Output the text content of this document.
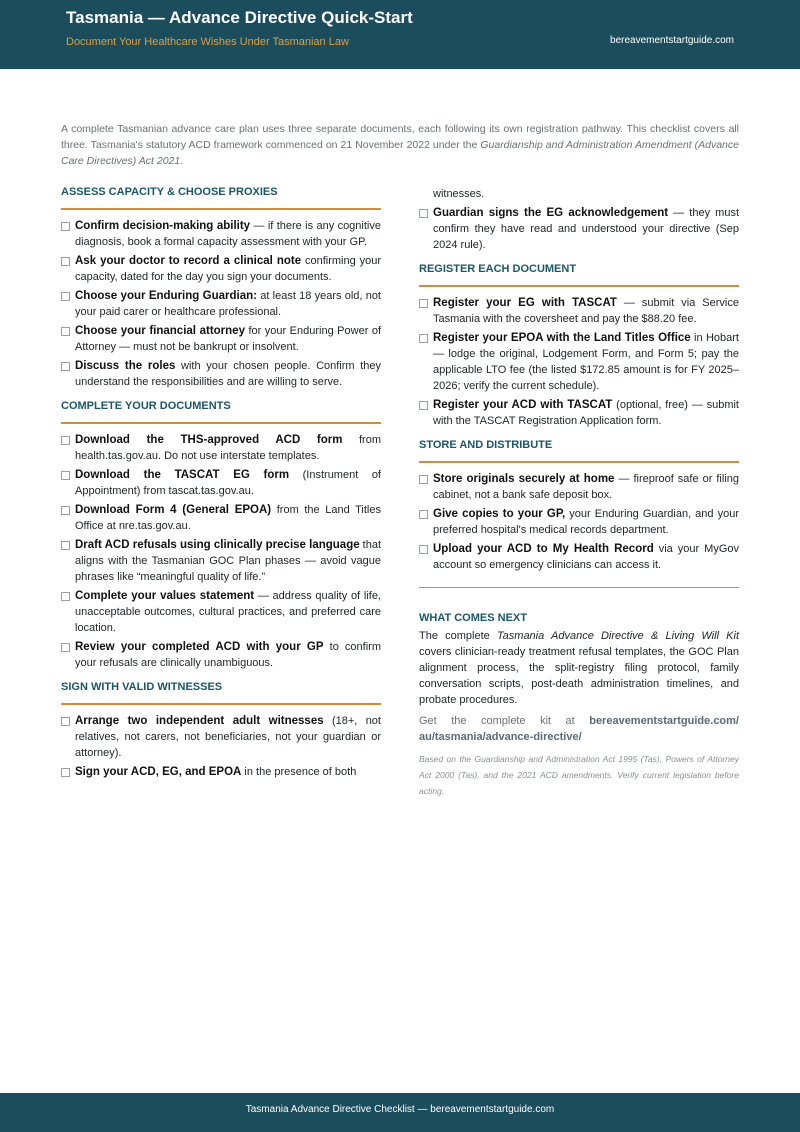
Tasmania — Advance Directive Quick-Start
Document Your Healthcare Wishes Under Tasmanian Law	bereavementstartguide.com
A complete Tasmanian advance care plan uses three separate documents, each following its own registration pathway. This checklist covers all three. Tasmania's statutory ACD framework commenced on 21 November 2022 under the Guardianship and Administration Amendment (Advance Care Directives) Act 2021.
ASSESS CAPACITY & CHOOSE PROXIES
Confirm decision-making ability — if there is any cognitive diagnosis, book a formal capacity assessment with your GP.
Ask your doctor to record a clinical note confirming your capacity, dated for the day you sign your documents.
Choose your Enduring Guardian: at least 18 years old, not your paid carer or healthcare professional.
Choose your financial attorney for your Enduring Power of Attorney — must not be bankrupt or insolvent.
Discuss the roles with your chosen people. Confirm they understand the responsibilities and are willing to serve.
COMPLETE YOUR DOCUMENTS
Download the THS-approved ACD form from health.tas.gov.au. Do not use interstate templates.
Download the TASCAT EG form (Instrument of Appointment) from tascat.tas.gov.au.
Download Form 4 (General EPOA) from the Land Titles Office at nre.tas.gov.au.
Draft ACD refusals using clinically precise language that aligns with the Tasmanian GOC Plan phases — avoid vague phrases like “meaningful quality of life.”
Complete your values statement — address quality of life, unacceptable outcomes, cultural practices, and preferred care location.
Review your completed ACD with your GP to confirm your refusals are clinically unambiguous.
SIGN WITH VALID WITNESSES
Arrange two independent adult witnesses (18+, not relatives, not carers, not beneficiaries, not your guardian or attorney).
Sign your ACD, EG, and EPOA in the presence of both
witnesses.
Guardian signs the EG acknowledgement — they must confirm they have read and understood your directive (Sep 2024 rule).
REGISTER EACH DOCUMENT
Register your EG with TASCAT — submit via Service Tasmania with the coversheet and pay the $88.20 fee.
Register your EPOA with the Land Titles Office in Hobart — lodge the original, Lodgement Form, and Form 5; pay the applicable LTO fee (the listed $172.85 amount is for FY 2025–2026; verify the current schedule).
Register your ACD with TASCAT (optional, free) — submit with the TASCAT Registration Application form.
STORE AND DISTRIBUTE
Store originals securely at home — fireproof safe or filing cabinet, not a bank safe deposit box.
Give copies to your GP, your Enduring Guardian, and your preferred hospital's medical records department.
Upload your ACD to My Health Record via your MyGov account so emergency clinicians can access it.
WHAT COMES NEXT
The complete Tasmania Advance Directive & Living Will Kit covers clinician-ready treatment refusal templates, the GOC Plan alignment process, the split-registry filing protocol, family conversation scripts, post-death administration timelines, and probate procedures.
Get the complete kit at bereavementstartguide.com/ au/tasmania/advance-directive/
Based on the Guardianship and Administration Act 1995 (Tas), Powers of Attorney Act 2000 (Tas), and the 2021 ACD amendments. Verify current legislation before acting.
Tasmania Advance Directive Checklist — bereavementstartguide.com
